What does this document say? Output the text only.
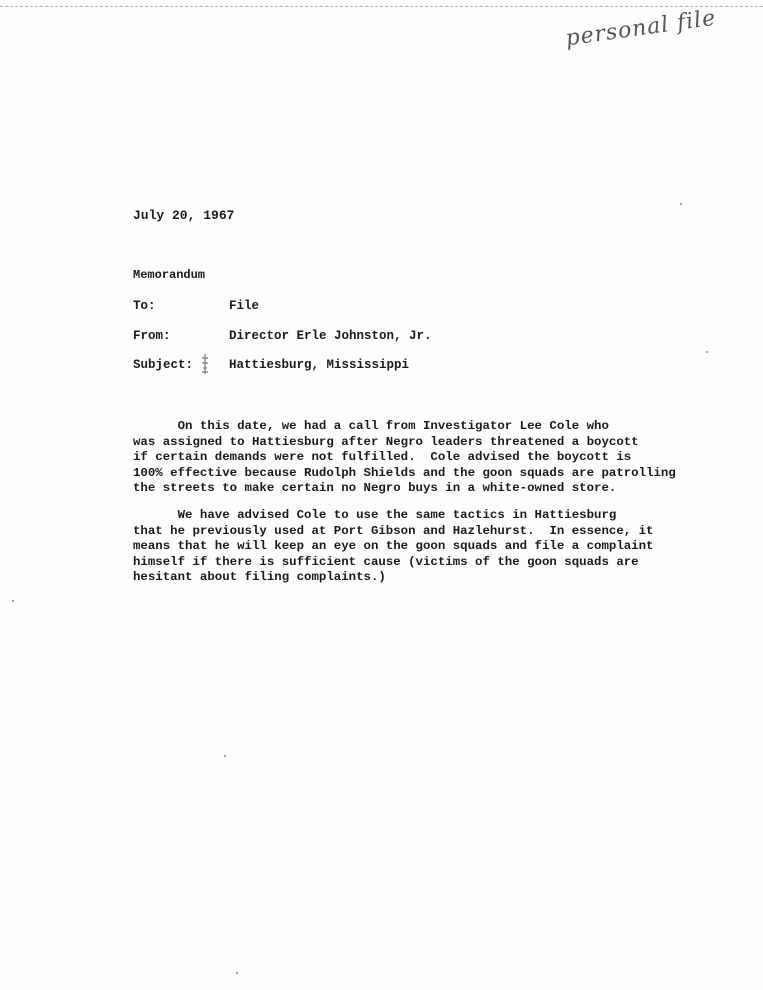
personal file
July 20, 1967
Memorandum
To:	File
From:	Director Erle Johnston, Jr.
Subject:	Hattiesburg, Mississippi
On this date, we had a call from Investigator Lee Cole who
was assigned to Hattiesburg after Negro leaders threatened a boycott
if certain demands were not fulfilled.  Cole advised the boycott is
100% effective because Rudolph Shields and the goon squads are patrolling
the streets to make certain no Negro buys in a white-owned store.
We have advised Cole to use the same tactics in Hattiesburg
that he previously used at Port Gibson and Hazlehurst.  In essence, it
means that he will keep an eye on the goon squads and file a complaint
himself if there is sufficient cause (victims of the goon squads are
hesitant about filing complaints.)
